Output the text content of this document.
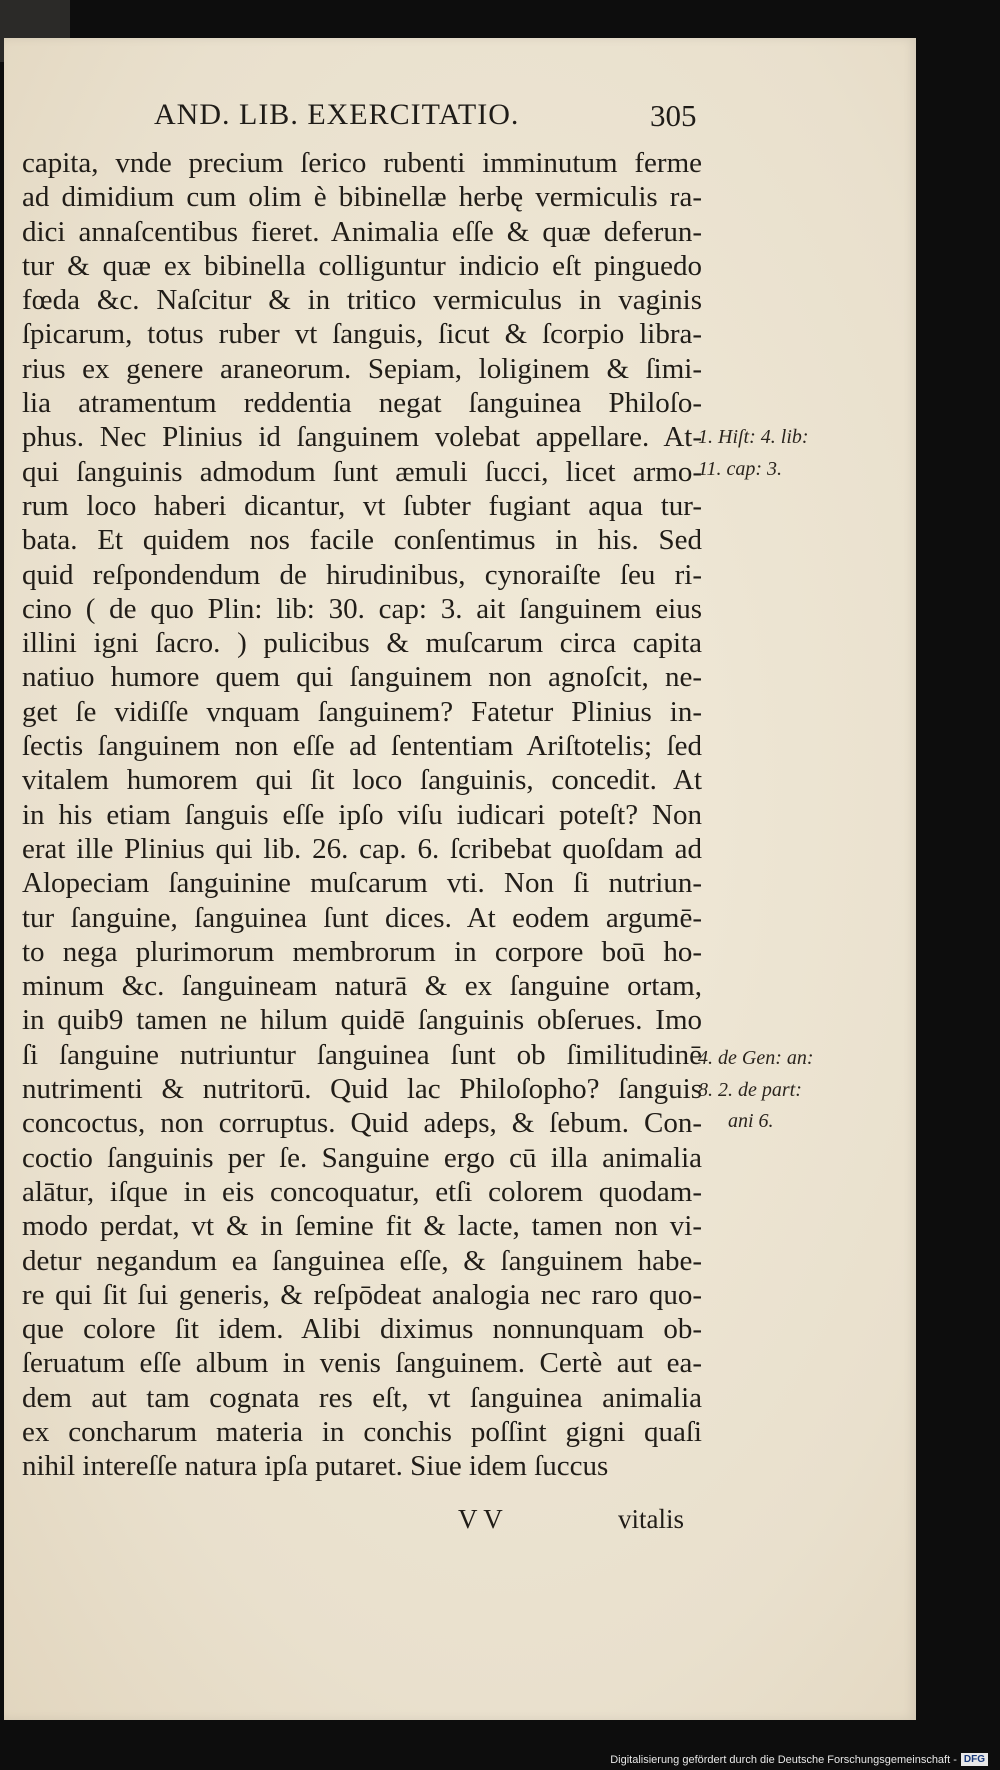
AND. LIB. EXERCITATIO.	305
capita, vnde precium ſerico rubenti imminutum ferme
ad dimidium cum olim è bibinellæ herbę vermiculis ra-
dici annaſcentibus fieret. Animalia eſſe & quæ deferun-
tur & quæ ex bibinella colliguntur indicio eſt pinguedo
fœda &c. Naſcitur & in tritico vermiculus in vaginis
ſpicarum, totus ruber vt ſanguis, ſicut & ſcorpio libra-
rius ex genere araneorum. Sepiam, loliginem & ſimi-
lia atramentum reddentia negat ſanguinea Philoſo-
phus. Nec Plinius id ſanguinem volebat appellare. At-
qui ſanguinis admodum ſunt æmuli ſucci, licet armo-
rum loco haberi dicantur, vt ſubter fugiant aqua tur-
bata. Et quidem nos facile conſentimus in his. Sed
quid reſpondendum de hirudinibus, cynoraiſte ſeu ri-
cino ( de quo Plin: lib: 30. cap: 3. ait ſanguinem eius
illini igni ſacro. ) pulicibus & muſcarum circa capita
natiuo humore quem qui ſanguinem non agnoſcit, ne-
get ſe vidiſſe vnquam ſanguinem? Fatetur Plinius in-
ſectis ſanguinem non eſſe ad ſententiam Ariſtotelis; ſed
vitalem humorem qui ſit loco ſanguinis, concedit. At
in his etiam ſanguis eſſe ipſo viſu iudicari poteſt? Non
erat ille Plinius qui lib. 26. cap. 6. ſcribebat quoſdam ad
Alopeciam ſanguinine muſcarum vti. Non ſi nutriun-
tur ſanguine, ſanguinea ſunt dices. At eodem argumē-
to nega plurimorum membrorum in corpore boū ho-
minum &c. ſanguineam naturā & ex ſanguine ortam,
in quib9 tamen ne hilum quidē ſanguinis obſerues. Imo
ſi ſanguine nutriuntur ſanguinea ſunt ob ſimilitudinē
nutrimenti & nutritorū. Quid lac Philoſopho? ſanguis
concoctus, non corruptus. Quid adeps, & ſebum. Con-
coctio ſanguinis per ſe. Sanguine ergo cū illa animalia
alātur, iſque in eis concoquatur, etſi colorem quodam-
modo perdat, vt & in ſemine fit & lacte, tamen non vi-
detur negandum ea ſanguinea eſſe, & ſanguinem habe-
re qui ſit ſui generis, & reſpōdeat analogia nec raro quo-
que colore ſit idem. Alibi diximus nonnunquam ob-
ſeruatum eſſe album in venis ſanguinem. Certè aut ea-
dem aut tam cognata res eſt, vt ſanguinea animalia
ex concharum materia in conchis poſſint gigni quaſi
nihil intereſſe natura ipſa putaret. Siue idem ſuccus
1. Hiſt: 4. lib:
11. cap: 3.
4. de Gen: an:
8. 2. de part:
ani 6.
V V	vitalis
Digitalisierung gefördert durch die Deutsche Forschungsgemeinschaft - DFG
